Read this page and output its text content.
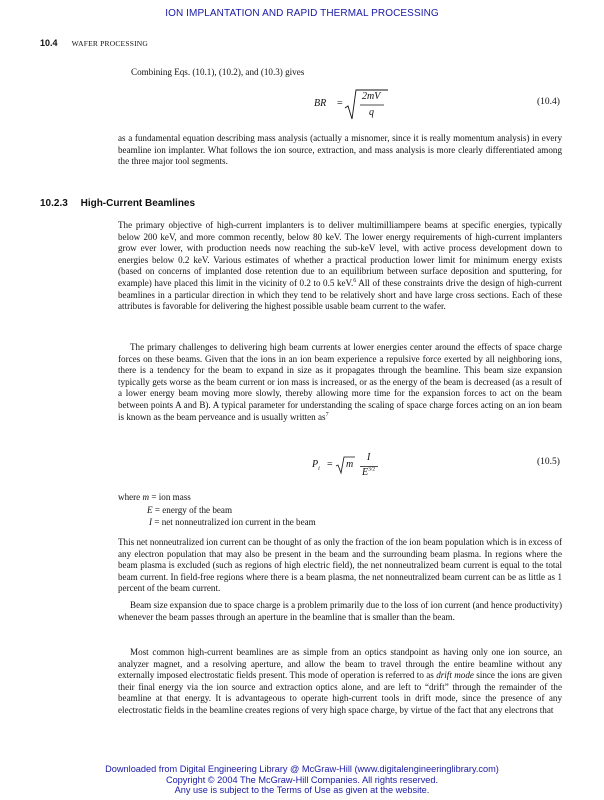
ION IMPLANTATION AND RAPID THERMAL PROCESSING
10.4 WAFER PROCESSING
Combining Eqs. (10.1), (10.2), and (10.3) gives
BR =
2mV
q
(10.4)

as a fundamental equation describing mass analysis (actually a misnomer, since it is really momentum analysis) in every beamline ion implanter. What follows the ion source, extraction, and mass analysis is more clearly differentiated among the three major tool segments.

10.2.3 High-Current Beamlines

The primary objective of high-current implanters is to deliver multimilliampere beams at specific energies, typically below 200 keV, and more common recently, below 80 keV. The lower energy requirements of high-current implanters grow ever lower, with production needs now reaching the sub-keV level, with active process development down to energies below 0.2 keV. Various estimates of whether a practical production lower limit for minimum energy exists (based on concerns of implanted dose retention due to an equilibrium between surface deposition and sputtering, for example) have placed this limit in the vicinity of 0.2 to 0.5 keV.$^6$ All of these constraints drive the design of high-current beamlines in a particular direction in which they tend to be relatively short and have large cross sections. Each of these attributes is favorable for delivering the highest possible usable beam current to the wafer.

The primary challenges to delivering high beam currents at lower energies center around the effects of space charge forces on these beams. Given that the ions in an ion beam experience a repulsive force exerted by all neighboring ions, there is a tendency for the beam to expand in size as it propagates through the beamline. This beam size expansion typically gets worse as the beam current or ion mass is increased, or as the energy of the beam is decreased (as a result of a lower energy beam moving more slowly, thereby allowing more time for the expansion forces to act on the beam between points A and B). A typical parameter for understanding the scaling of space charge forces acting on an ion beam is known as the beam perveance and is usually written $as^7$

$P_i = m$
I
$E^{3/2}$
(10.5)
where m = ion mass
E = energy of the beam
I = net nonneutralized ion current in the beam

This net nonneutralized ion current can be thought of as only the fraction of the ion beam population which is in excess of any electron population that may also be present in the beam and the surrounding beam plasma. In regions where the beam plasma is excluded (such as regions of high electric field), the net nonneutralized beam current is equal to the total beam current. In field-free regions where there is a beam plasma, the net nonneutralized beam current can be as little as 1 percent of the beam current.

Beam size expansion due to space charge is a problem primarily due to the loss of ion current (and hence productivity) whenever the beam passes through an aperture in the beamline that is smaller than the beam.

Most common high-current beamlines are as simple from an optics standpoint as having only one ion source, an analyzer magnet, and a resolving aperture, and allow the beam to travel through the entire beamline without any externally imposed electrostatic fields present. This mode of operation is referred to as drift mode since the ions are given their final energy via the ion source and extraction optics alone, and are left to “drift” through the remainder of the beamline at that energy. It is advantageous to operate high-current tools in drift mode, since the presence of any electrostatic fields in the beamline creates regions of very high space charge, by virtue of the fact that any electrons that

Downloaded from Digital Engineering Library @ McGraw-Hill (www.digitalengineeringlibrary.com)
Copyright © 2004 The McGraw-Hill Companies. All rights reserved.
Any use is subject to the Terms of Use as given at the website.
